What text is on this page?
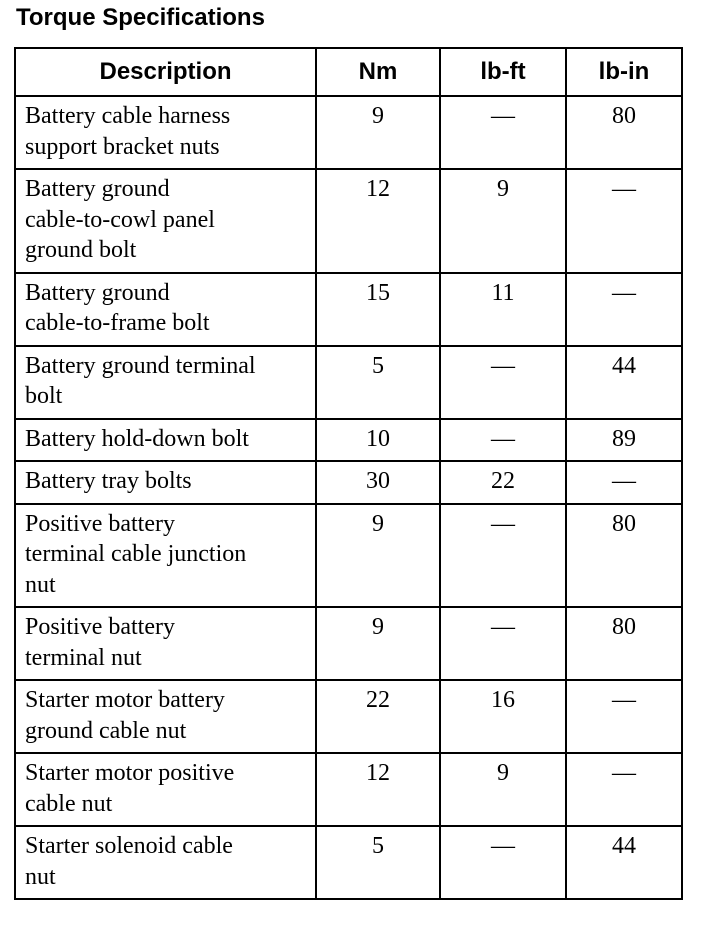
Torque Specifications
Description	Nm	lb-ft	lb-in
Battery cable harness
support bracket nuts	9	—	80
Battery ground
cable-to-cowl panel
ground bolt	12	9	—
Battery ground
cable-to-frame bolt	15	11	—
Battery ground terminal
bolt	5	—	44
Battery hold-down bolt	10	—	89
Battery tray bolts	30	22	—
Positive battery
terminal cable junction
nut	9	—	80
Positive battery
terminal nut	9	—	80
Starter motor battery
ground cable nut	22	16	—
Starter motor positive
cable nut	12	9	—
Starter solenoid cable
nut	5	—	44
